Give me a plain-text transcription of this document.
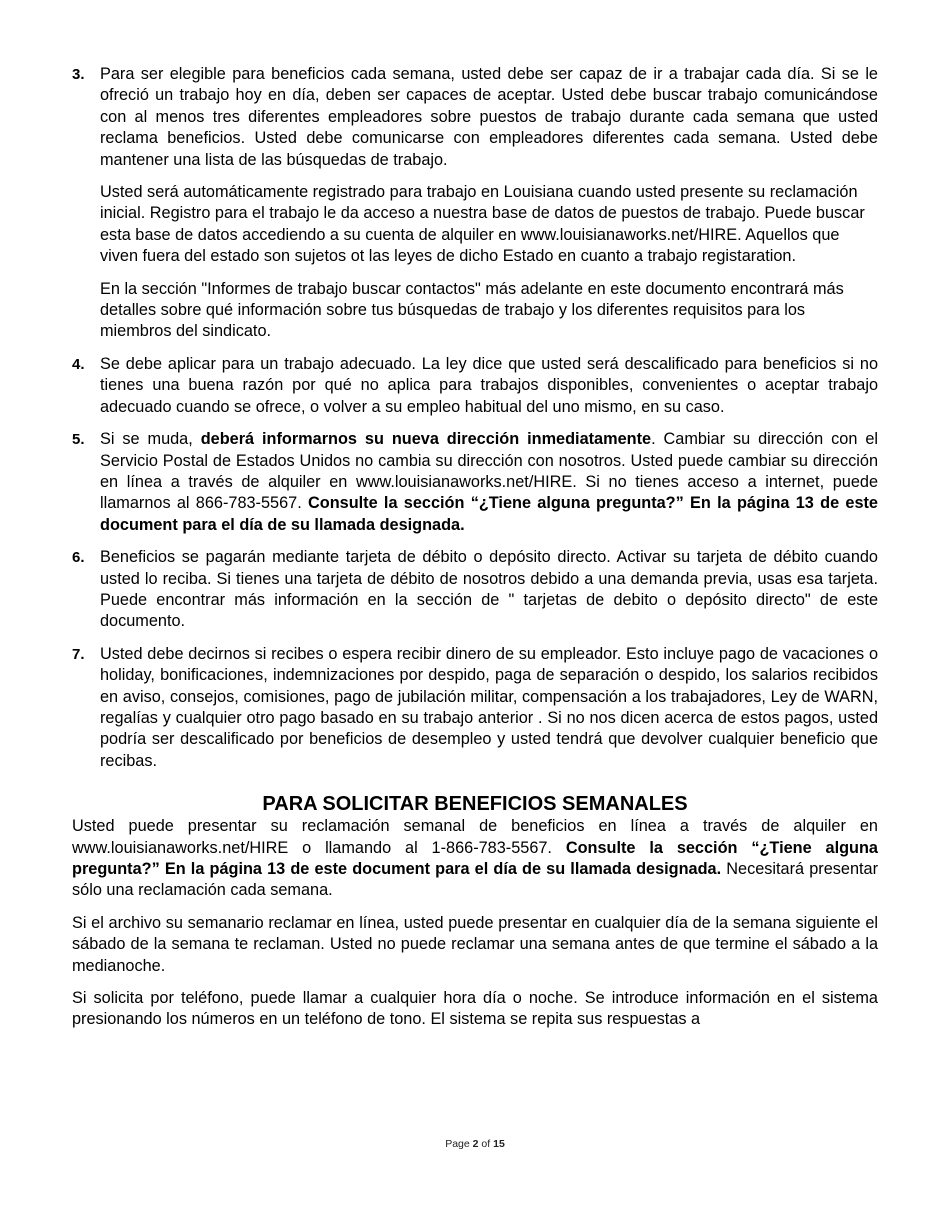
3. Para ser elegible para beneficios cada semana, usted debe ser capaz de ir a trabajar cada día. Si se le ofreció un trabajo hoy en día, deben ser capaces de aceptar. Usted debe buscar trabajo comunicándose con al menos tres diferentes empleadores sobre puestos de trabajo durante cada semana que usted reclama beneficios. Usted debe comunicarse con empleadores diferentes cada semana. Usted debe mantener una lista de las búsquedas de trabajo.

Usted será automáticamente registrado para trabajo en Louisiana cuando usted presente su reclamación inicial. Registro para el trabajo le da acceso a nuestra base de datos de puestos de trabajo. Puede buscar esta base de datos accediendo a su cuenta de alquiler en www.louisianaworks.net/HIRE. Aquellos que viven fuera del estado son sujetos ot las leyes de dicho Estado en cuanto a trabajo registaration.

En la sección "Informes de trabajo buscar contactos" más adelante en este documento encontrará más detalles sobre qué información sobre tus búsquedas de trabajo y los diferentes requisitos para los miembros del sindicato.

4. Se debe aplicar para un trabajo adecuado. La ley dice que usted será descalificado para beneficios si no tienes una buena razón por qué no aplica para trabajos disponibles, convenientes o aceptar trabajo adecuado cuando se ofrece, o volver a su empleo habitual del uno mismo, en su caso.

5. Si se muda, deberá informarnos su nueva dirección inmediatamente. Cambiar su dirección con el Servicio Postal de Estados Unidos no cambia su dirección con nosotros. Usted puede cambiar su dirección en línea a través de alquiler en www.louisianaworks.net/HIRE. Si no tienes acceso a internet, puede llamarnos al 866-783-5567. Consulte la sección “¿Tiene alguna pregunta?” En la página 13 de este document para el día de su llamada designada.

6. Beneficios se pagarán mediante tarjeta de débito o depósito directo. Activar su tarjeta de débito cuando usted lo reciba. Si tienes una tarjeta de débito de nosotros debido a una demanda previa, usas esa tarjeta. Puede encontrar más información en la sección de " tarjetas de debito o depósito directo" de este documento.

7. Usted debe decirnos si recibes o espera recibir dinero de su empleador. Esto incluye pago de vacaciones o holiday, bonificaciones, indemnizaciones por despido, paga de separación o despido, los salarios recibidos en aviso, consejos, comisiones, pago de jubilación militar, compensación a los trabajadores, Ley de WARN, regalías y cualquier otro pago basado en su trabajo anterior . Si no nos dicen acerca de estos pagos, usted podría ser descalificado por beneficios de desempleo y usted tendrá que devolver cualquier beneficio que recibas.

PARA SOLICITAR BENEFICIOS SEMANALES

Usted puede presentar su reclamación semanal de beneficios en línea a través de alquiler en www.louisianaworks.net/HIRE o llamando al 1-866-783-5567. Consulte la sección “¿Tiene alguna pregunta?” En la página 13 de este document para el día de su llamada designada. Necesitará presentar sólo una reclamación cada semana.

Si el archivo su semanario reclamar en línea, usted puede presentar en cualquier día de la semana siguiente el sábado de la semana te reclaman. Usted no puede reclamar una semana antes de que termine el sábado a la medianoche.

Si solicita por teléfono, puede llamar a cualquier hora día o noche. Se introduce información en el sistema presionando los números en un teléfono de tono. El sistema se repita sus respuestas a

Page 2 of 15
